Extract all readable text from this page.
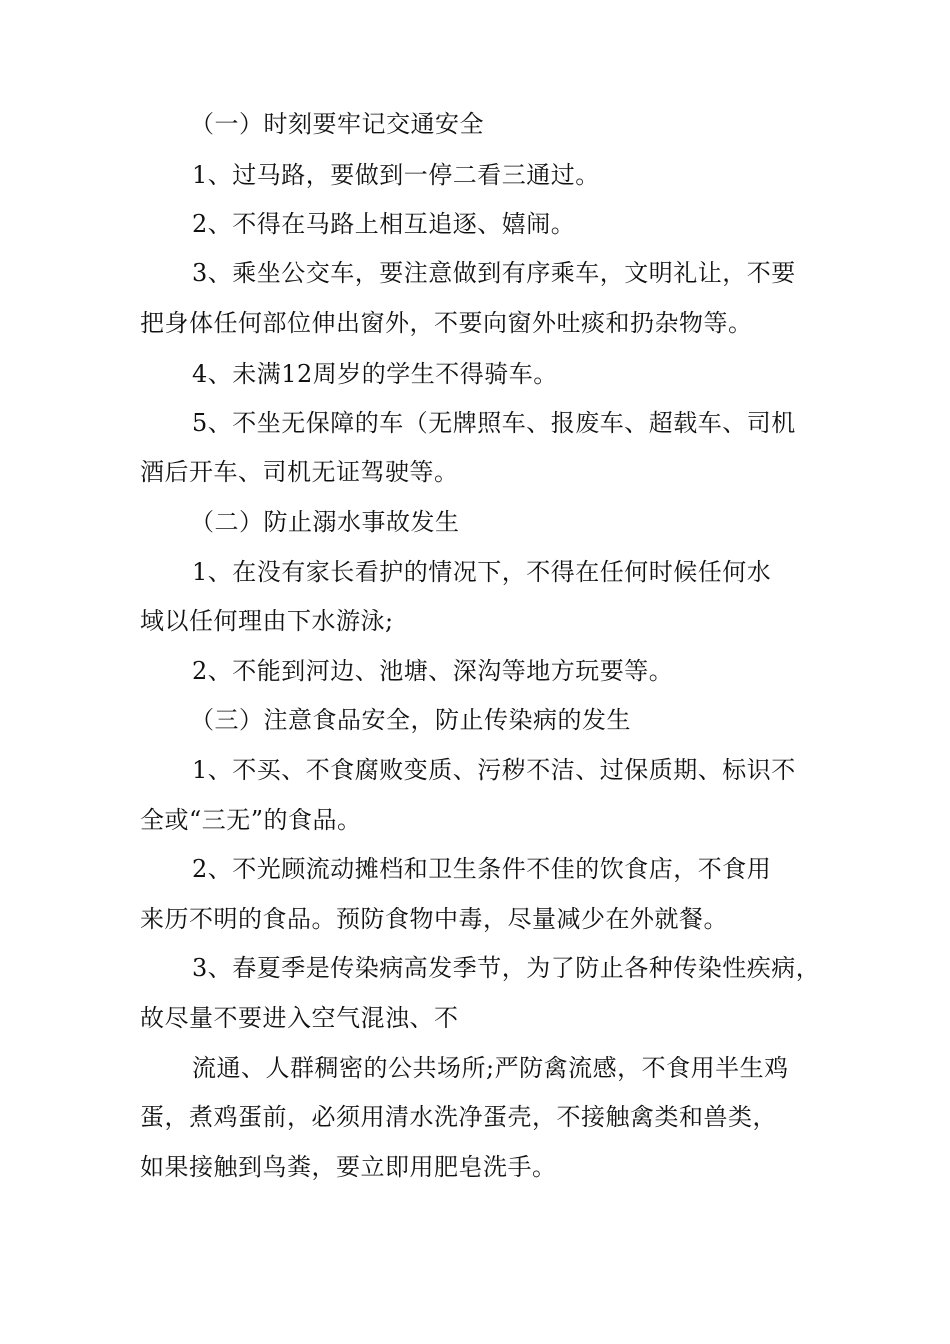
（一）时刻要牢记交通安全
1、过马路，要做到一停二看三通过。
2、不得在马路上相互追逐、嬉闹。
3、乘坐公交车，要注意做到有序乘车，文明礼让，不要
把身体任何部位伸出窗外，不要向窗外吐痰和扔杂物等。
4、未满12周岁的学生不得骑车。
5、不坐无保障的车（无牌照车、报废车、超载车、司机
酒后开车、司机无证驾驶等。
（二）防止溺水事故发生
1、在没有家长看护的情况下，不得在任何时候任何水
域以任何理由下水游泳;
2、不能到河边、池塘、深沟等地方玩要等。
（三）注意食品安全，防止传染病的发生
1、不买、不食腐败变质、污秽不洁、过保质期、标识不
全或“三无”的食品。
2、不光顾流动摊档和卫生条件不佳的饮食店，不食用
来历不明的食品。预防食物中毒，尽量减少在外就餐。
3、春夏季是传染病高发季节，为了防止各种传染性疾病，
故尽量不要进入空气混浊、不
流通、人群稠密的公共场所;严防禽流感，不食用半生鸡
蛋，煮鸡蛋前，必须用清水洗净蛋壳，不接触禽类和兽类，
如果接触到鸟粪，要立即用肥皂洗手。
